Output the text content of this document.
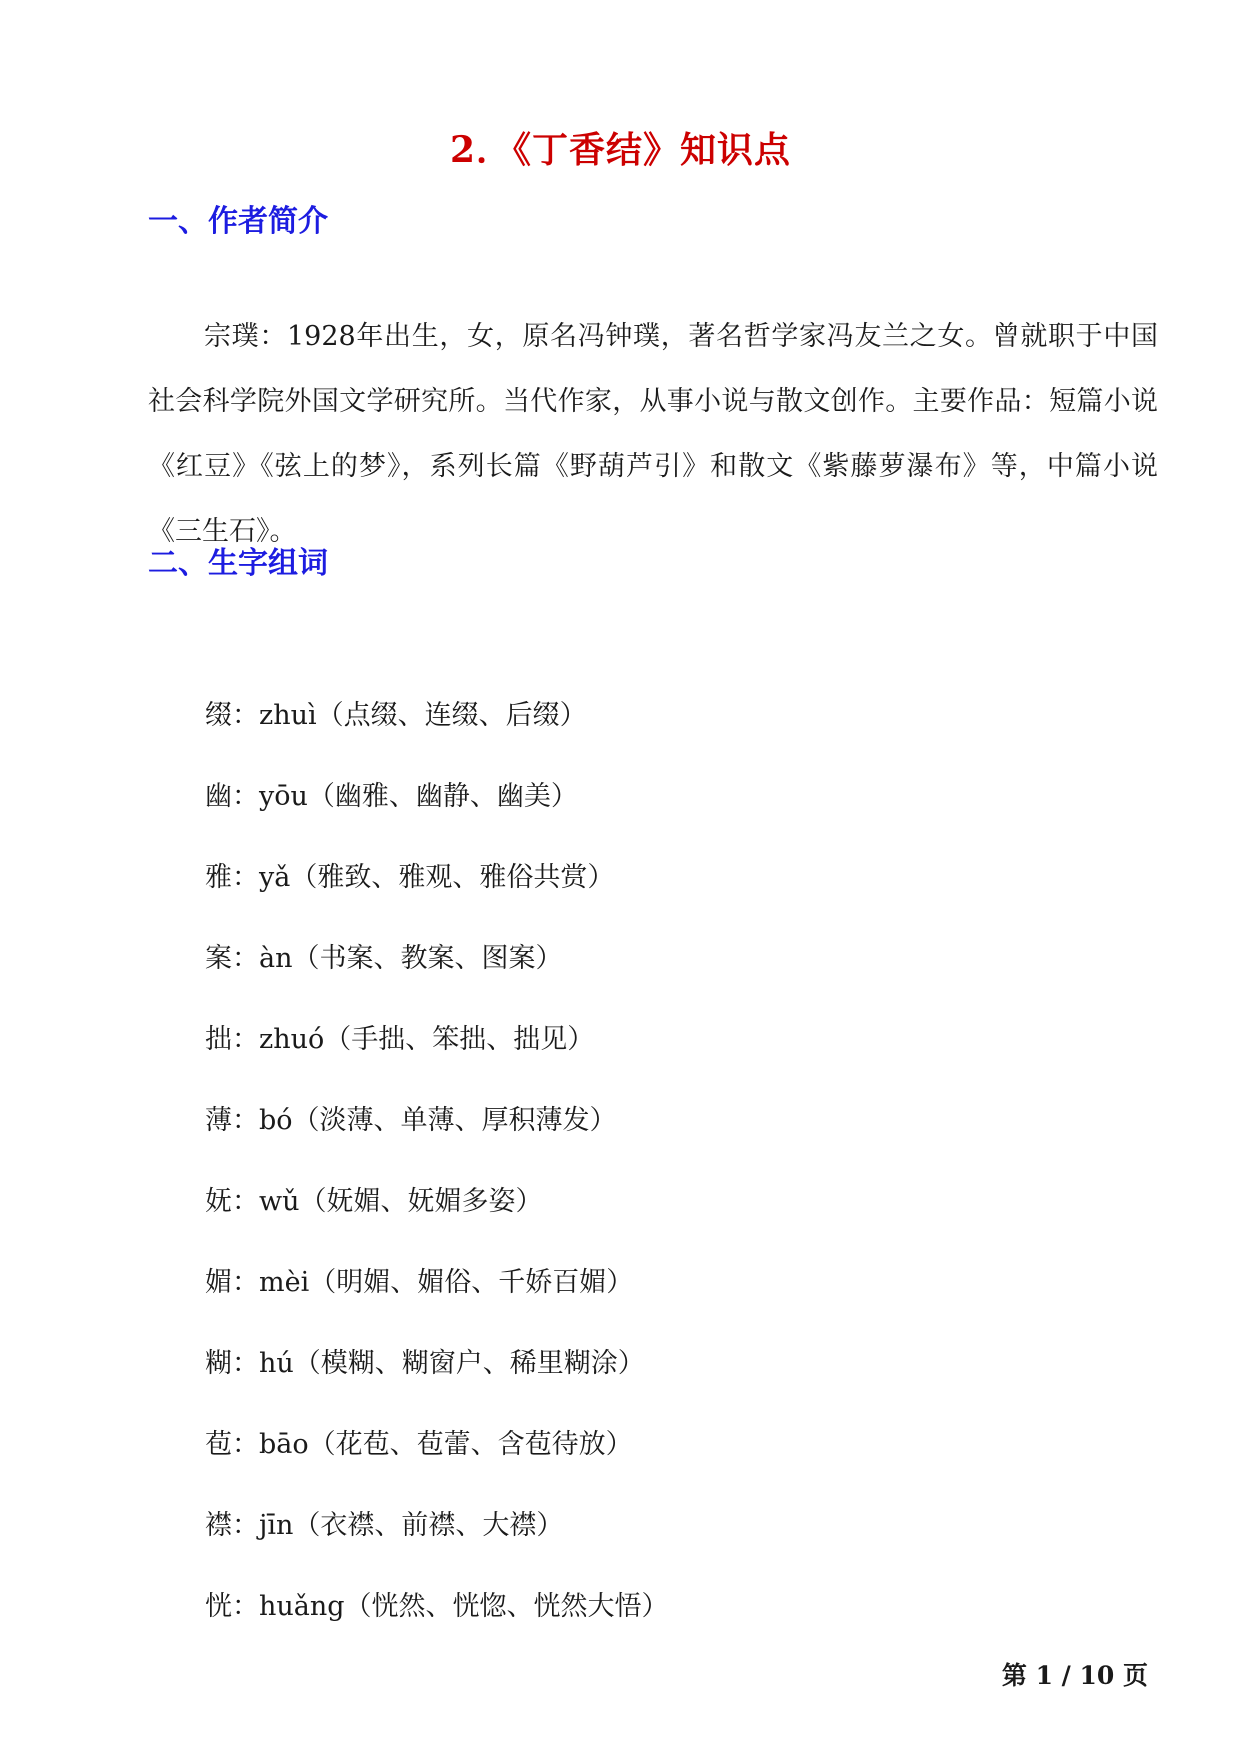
2．《丁香结》知识点
一、作者简介

宗璞：1928年出生，女，原名冯钟璞，著名哲学家冯友兰之女。曾就职于中国社会科学院外国文学研究所。当代作家，从事小说与散文创作。主要作品：短篇小说《红豆》《弦上的梦》，系列长篇《野葫芦引》和散文《紫藤萝瀑布》等，中篇小说《三生石》。

二、生字组词
缀：zhuì（点缀、连缀、后缀）
幽：yōu（幽雅、幽静、幽美）
雅：yǎ（雅致、雅观、雅俗共赏）
案：àn（书案、教案、图案）
拙：zhuó（手拙、笨拙、拙见）
薄：bó（淡薄、单薄、厚积薄发）
妩：wǔ（妩媚、妩媚多姿）
媚：mèi（明媚、媚俗、千娇百媚）
糊：hú（模糊、糊窗户、稀里糊涂）
苞：bāo（花苞、苞蕾、含苞待放）
襟：jīn（衣襟、前襟、大襟）
恍：huǎng（恍然、恍惚、恍然大悟）
第 1 / 10 页
